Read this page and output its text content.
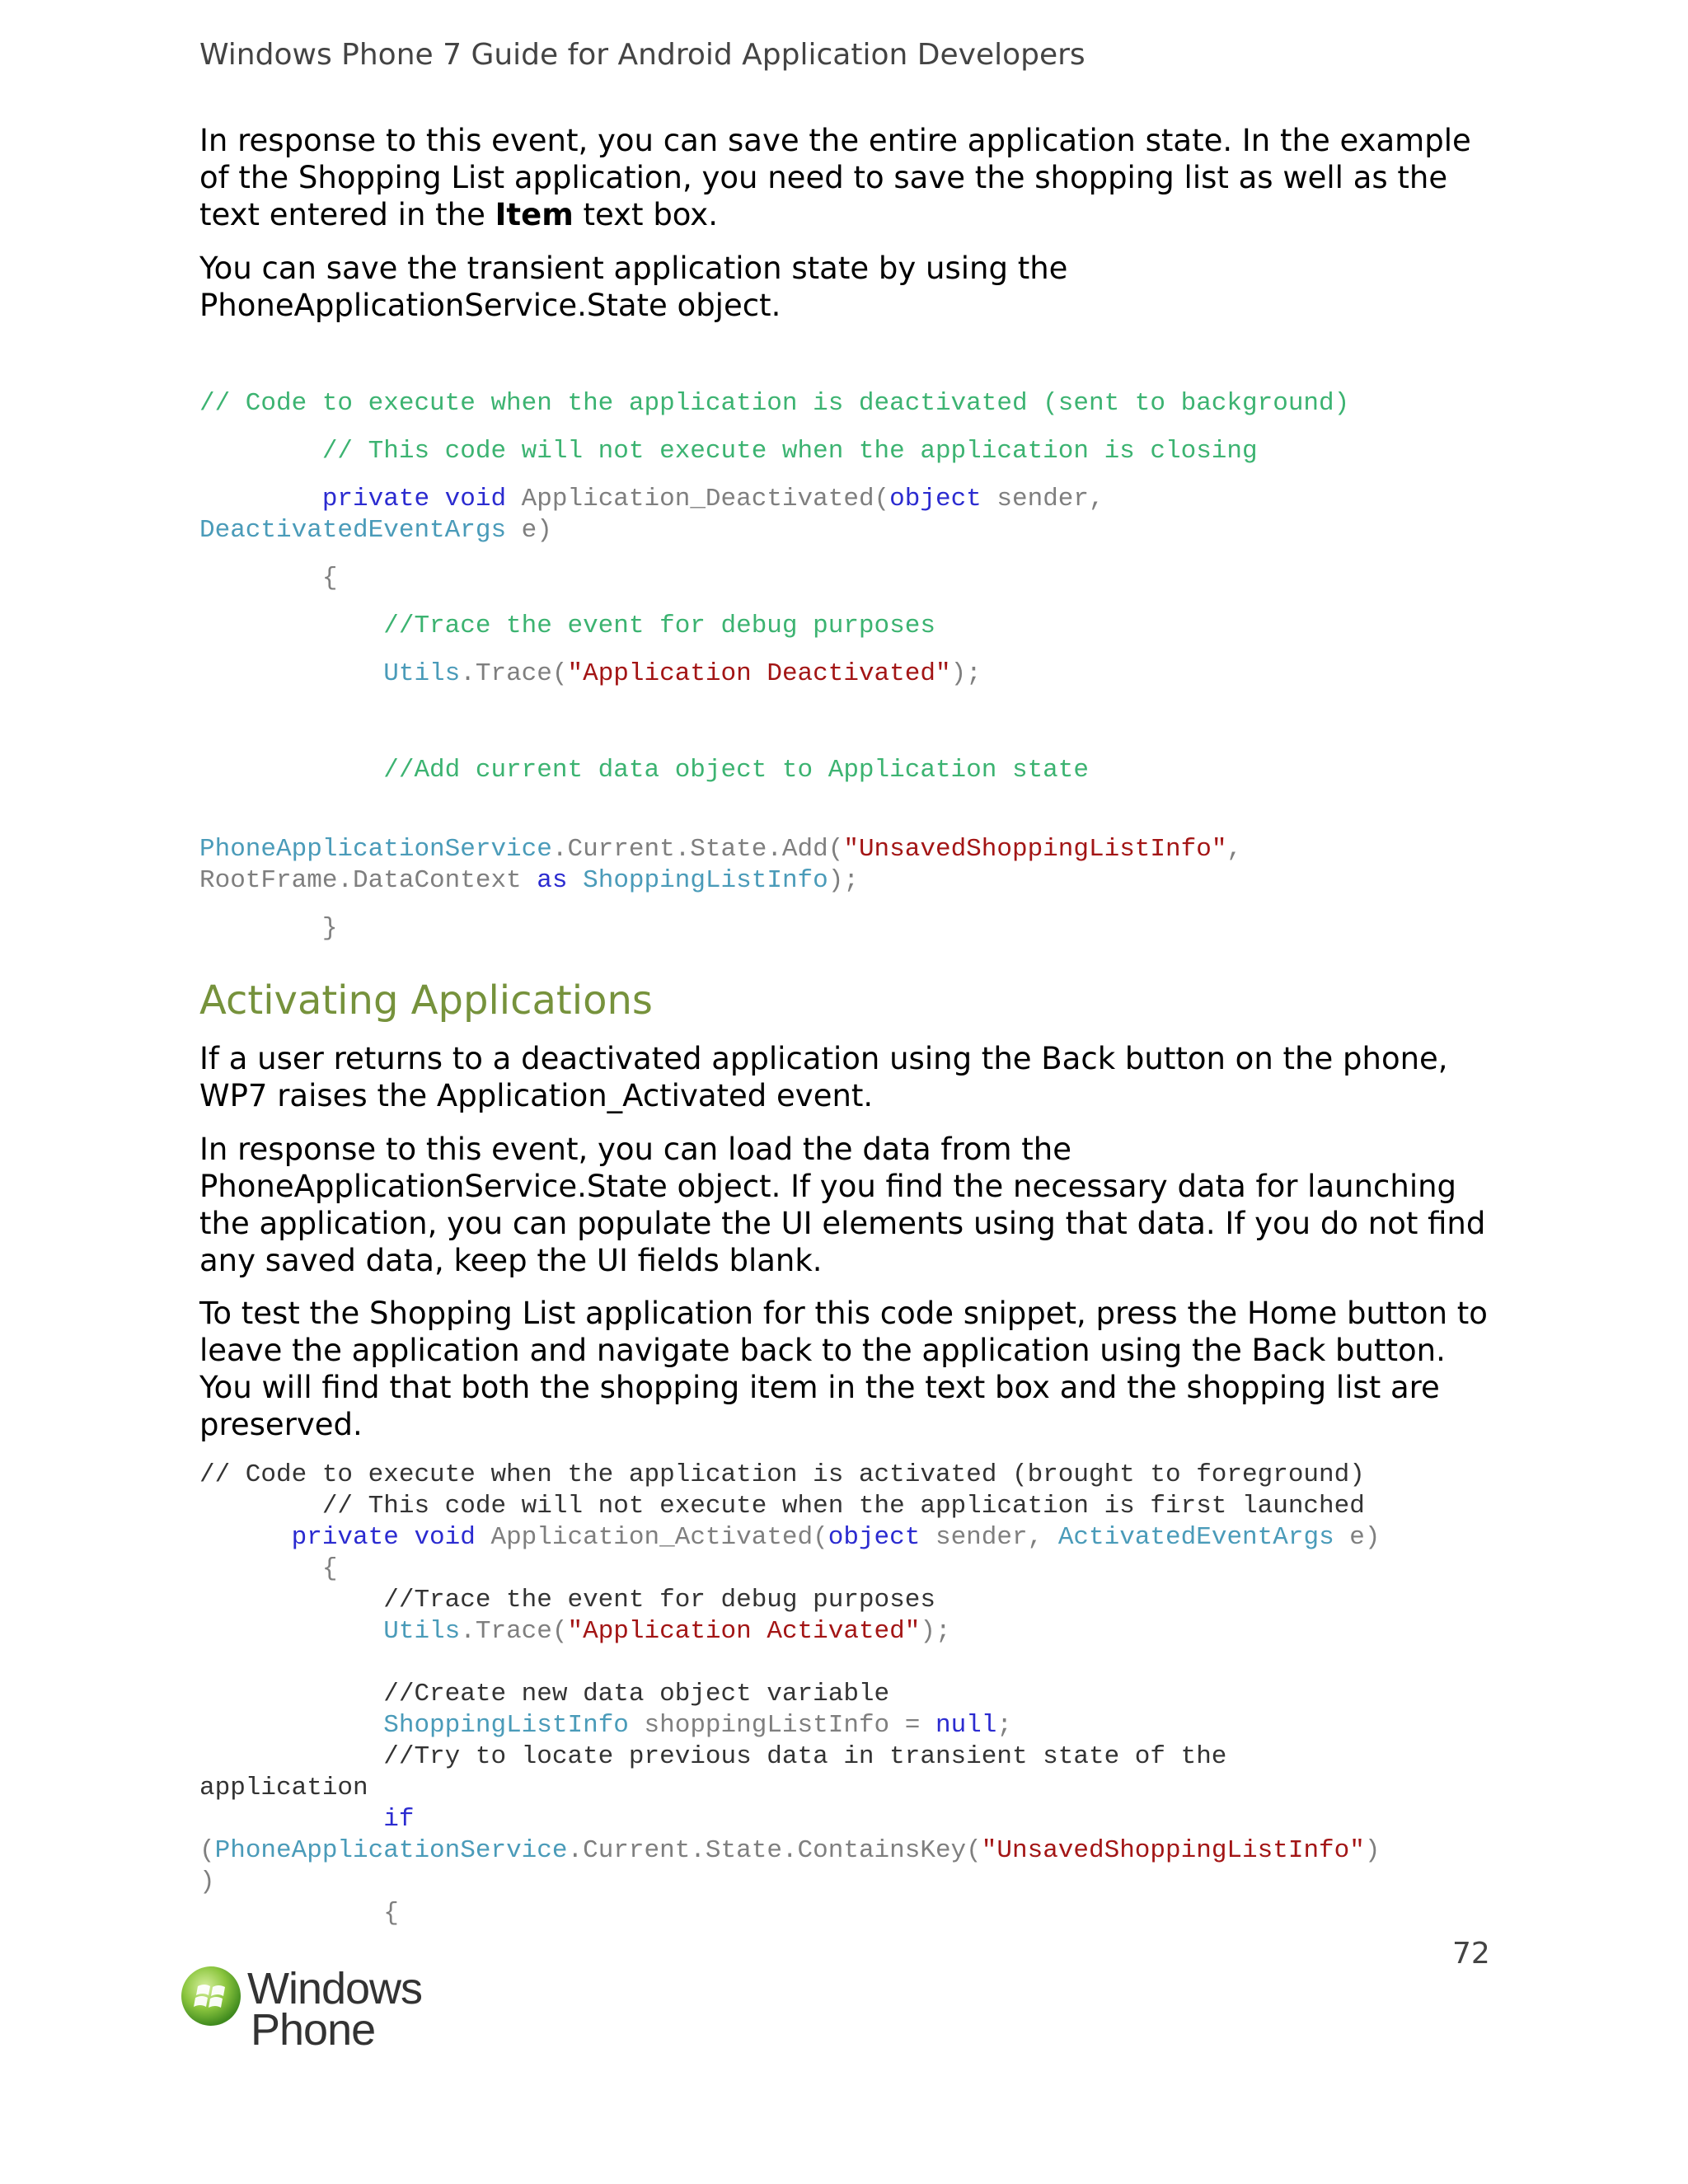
Windows Phone 7 Guide for Android Application Developers
In response to this event, you can save the entire application state. In the example of the Shopping List application, you need to save the shopping list as well as the text entered in the Item text box.
You can save the transient application state by using the PhoneApplicationService.State object.

// Code to execute when the application is deactivated (sent to background)

// This code will not execute when the application is closing

private void Application_Deactivated(object sender,

DeactivatedEventArgs e)

{

//Trace the event for debug purposes

Utils.Trace("Application Deactivated");

//Add current data object to Application state

PhoneApplicationService.Current.State.Add("UnsavedShoppingListInfo",

RootFrame.DataContext as ShoppingListInfo);

}

Activating Applications
If a user returns to a deactivated application using the Back button on the phone, WP7 raises the Application_Activated event.
In response to this event, you can load the data from the PhoneApplicationService.State object. If you find the necessary data for launching the application, you can populate the UI elements using that data. If you do not find any saved data, keep the UI fields blank.
To test the Shopping List application for this code snippet, press the Home button to leave the application and navigate back to the application using the Back button. You will find that both the shopping item in the text box and the shopping list are preserved.

// Code to execute when the application is activated (brought to foreground)

// This code will not execute when the application is first launched

private void Application_Activated(object sender, ActivatedEventArgs e)

{

//Trace the event for debug purposes

Utils.Trace("Application Activated");

//Create new data object variable

ShoppingListInfo shoppingListInfo = null;

//Try to locate previous data in transient state of the

application

if

(PhoneApplicationService.Current.State.ContainsKey("UnsavedShoppingListInfo")

)

{

72
Windows
Phone
